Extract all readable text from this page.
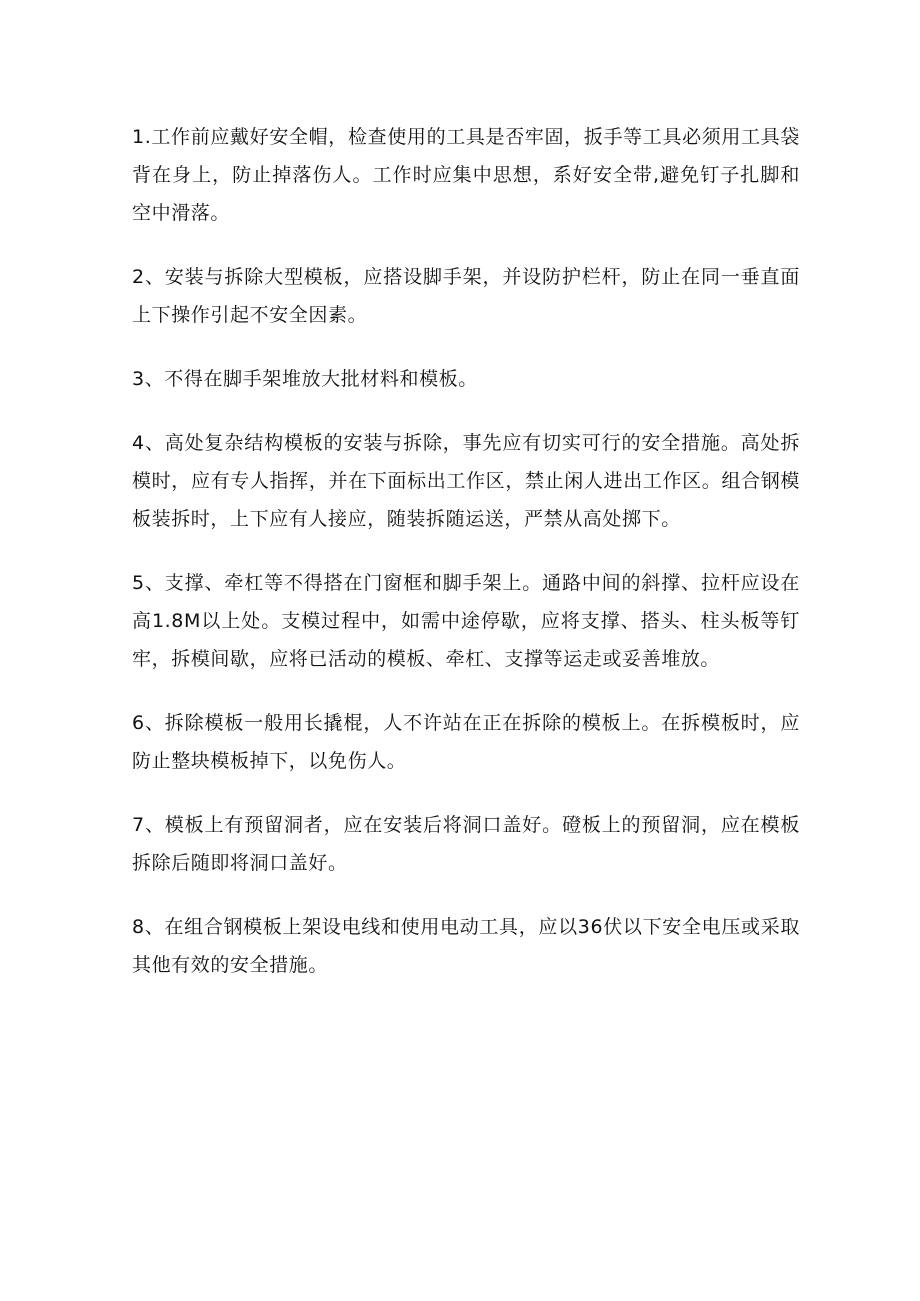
1.工作前应戴好安全帽，检查使用的工具是否牢固，扳手等工具必须用工具袋背在身上，防止掉落伤人。工作时应集中思想，系好安全带,避免钉子扎脚和空中滑落。

2、安装与拆除大型模板，应搭设脚手架，并设防护栏杆，防止在同一垂直面上下操作引起不安全因素。

3、不得在脚手架堆放大批材料和模板。

4、高处复杂结构模板的安装与拆除，事先应有切实可行的安全措施。高处拆模时，应有专人指挥，并在下面标出工作区，禁止闲人进出工作区。组合钢模板装拆时，上下应有人接应，随装拆随运送，严禁从高处掷下。

5、支撑、牵杠等不得搭在门窗框和脚手架上。通路中间的斜撑、拉杆应设在高1.8M以上处。支模过程中，如需中途停歇，应将支撑、搭头、柱头板等钉牢，拆模间歇，应将已活动的模板、牵杠、支撑等运走或妥善堆放。

6、拆除模板一般用长撬棍，人不许站在正在拆除的模板上。在拆模板时，应防止整块模板掉下，以免伤人。

7、模板上有预留洞者，应在安装后将洞口盖好。磴板上的预留洞，应在模板拆除后随即将洞口盖好。

8、在组合钢模板上架设电线和使用电动工具，应以36伏以下安全电压或采取其他有效的安全措施。
